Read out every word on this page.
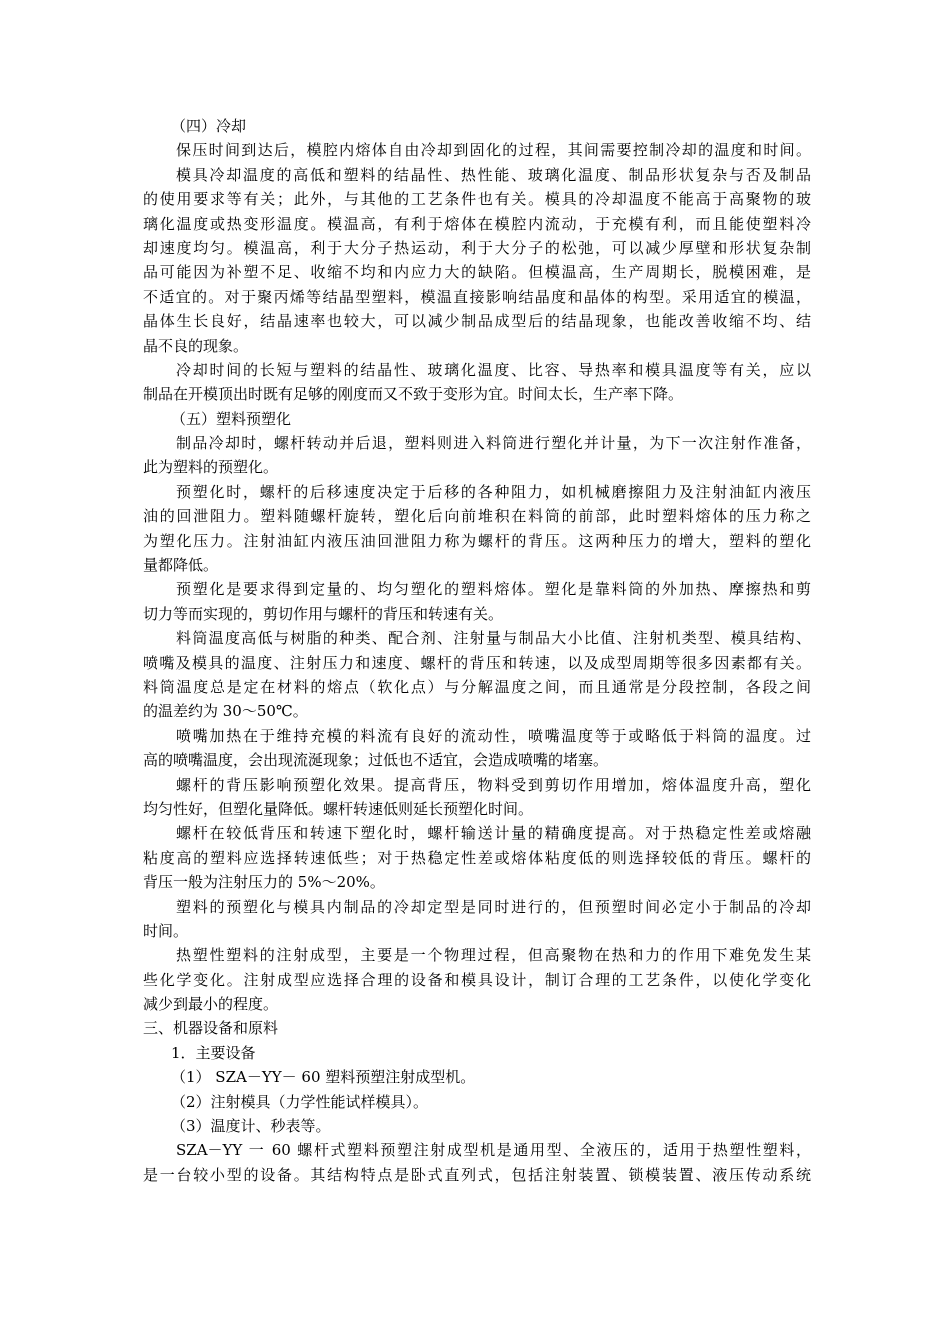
（四）冷却
保压时间到达后，模腔内熔体自由冷却到固化的过程，其间需要控制冷却的温度和时间。
模具冷却温度的高低和塑料的结晶性、热性能、玻璃化温度、制品形状复杂与否及制品
的使用要求等有关；此外，与其他的工艺条件也有关。模具的冷却温度不能高于高聚物的玻
璃化温度或热变形温度。模温高，有利于熔体在模腔内流动，于充模有利，而且能使塑料冷
却速度均匀。模温高，利于大分子热运动，利于大分子的松弛，可以减少厚壁和形状复杂制
品可能因为补塑不足、收缩不均和内应力大的缺陷。但模温高，生产周期长，脱模困难，是
不适宜的。对于聚丙烯等结晶型塑料，模温直接影响结晶度和晶体的构型。采用适宜的模温，
晶体生长良好，结晶速率也较大，可以减少制品成型后的结晶现象，也能改善收缩不均、结
晶不良的现象。
冷却时间的长短与塑料的结晶性、玻璃化温度、比容、导热率和模具温度等有关，应以
制品在开模顶出时既有足够的刚度而又不致于变形为宜。时间太长，生产率下降。
（五）塑料预塑化
制品冷却时，螺杆转动并后退，塑料则进入料筒进行塑化并计量，为下一次注射作准备，
此为塑料的预塑化。
预塑化时，螺杆的后移速度决定于后移的各种阻力，如机械磨擦阻力及注射油缸内液压
油的回泄阻力。塑料随螺杆旋转，塑化后向前堆积在料筒的前部，此时塑料熔体的压力称之
为塑化压力。注射油缸内液压油回泄阻力称为螺杆的背压。这两种压力的增大，塑料的塑化
量都降低。
预塑化是要求得到定量的、均匀塑化的塑料熔体。塑化是靠料筒的外加热、摩擦热和剪
切力等而实现的，剪切作用与螺杆的背压和转速有关。
料筒温度高低与树脂的种类、配合剂、注射量与制品大小比值、注射机类型、模具结构、
喷嘴及模具的温度、注射压力和速度、螺杆的背压和转速，以及成型周期等很多因素都有关。
料筒温度总是定在材料的熔点（软化点）与分解温度之间，而且通常是分段控制，各段之间
的温差约为 30～50℃。
喷嘴加热在于维持充模的料流有良好的流动性，喷嘴温度等于或略低于料筒的温度。过
高的喷嘴温度，会出现流涎现象；过低也不适宜，会造成喷嘴的堵塞。
螺杆的背压影响预塑化效果。提高背压，物料受到剪切作用增加，熔体温度升高，塑化
均匀性好，但塑化量降低。螺杆转速低则延长预塑化时间。
螺杆在较低背压和转速下塑化时，螺杆输送计量的精确度提高。对于热稳定性差或熔融
粘度高的塑料应选择转速低些；对于热稳定性差或熔体粘度低的则选择较低的背压。螺杆的
背压一般为注射压力的 5%～20%。
塑料的预塑化与模具内制品的冷却定型是同时进行的，但预塑时间必定小于制品的冷却
时间。
热塑性塑料的注射成型，主要是一个物理过程，但高聚物在热和力的作用下难免发生某
些化学变化。注射成型应选择合理的设备和模具设计，制订合理的工艺条件，以使化学变化
减少到最小的程度。
三、机器设备和原料
1．主要设备
（1） SZA－YY－ 60 塑料预塑注射成型机。
（2）注射模具（力学性能试样模具）。
（3）温度计、秒表等。
SZA－YY 一 60 螺杆式塑料预塑注射成型机是通用型、全液压的，适用于热塑性塑料，
是一台较小型的设备。其结构特点是卧式直列式，包括注射装置、锁模装置、液压传动系统
